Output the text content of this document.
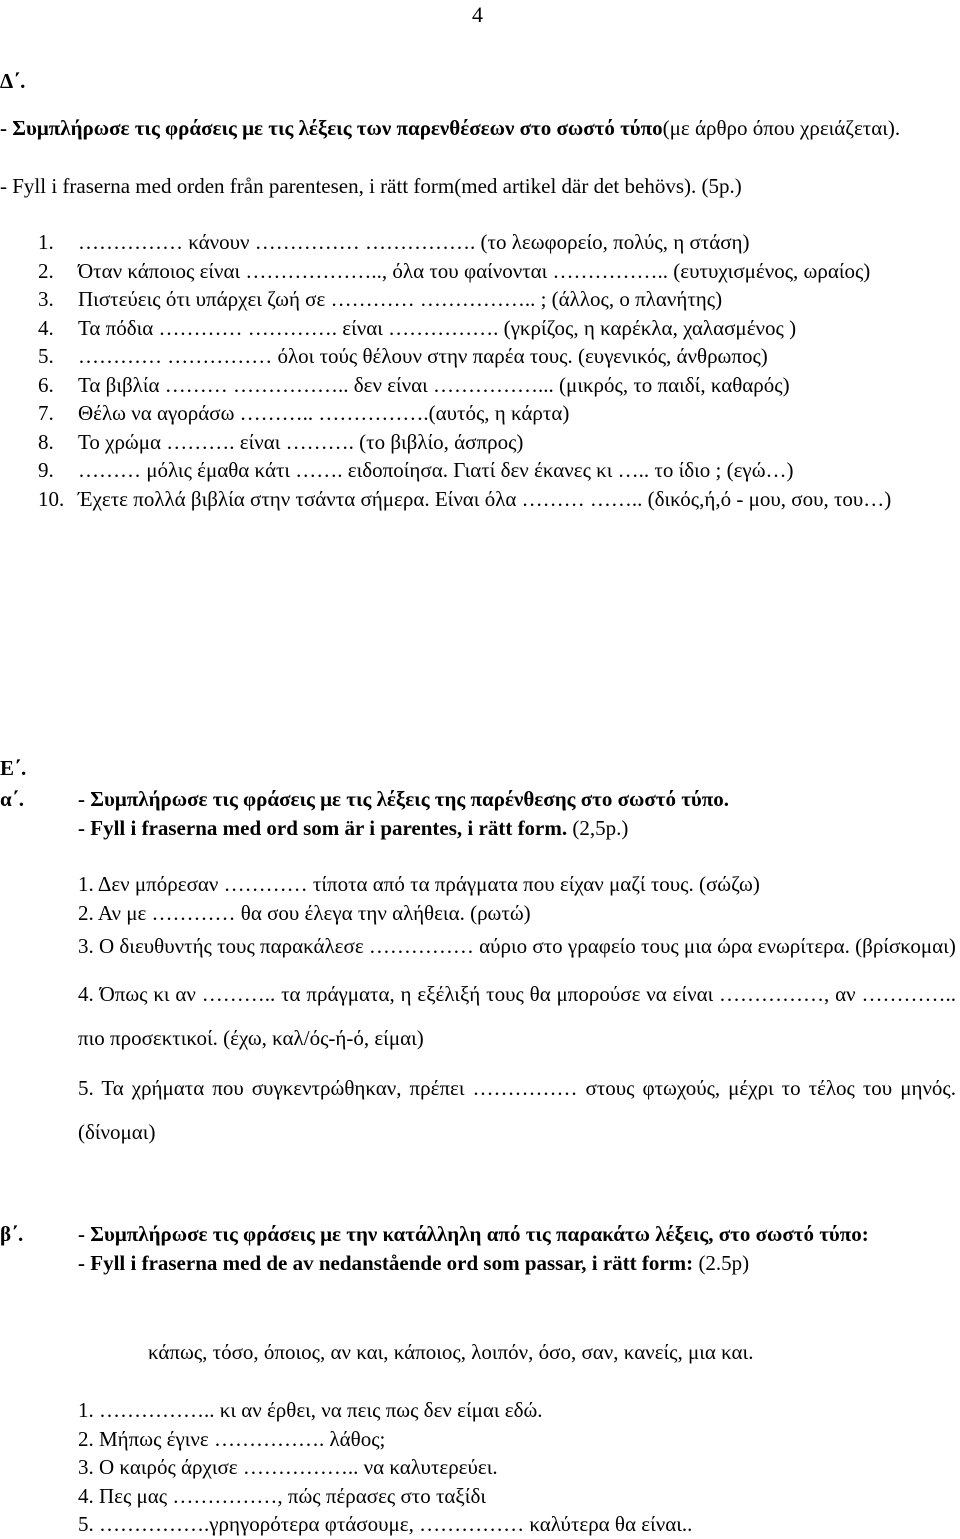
4
Δ΄.
- Συμπλήρωσε τις φράσεις με τις λέξεις των παρενθέσεων στο σωστό τύπο(με άρθρο όπου χρειάζεται).
- Fyll i fraserna med orden från parentesen, i rätt form(med artikel där det behövs). (5p.)
1. …………… κάνουν …………… ……………. (το λεωφορείο, πολύς, η στάση)
2. Όταν κάποιος είναι ……………….., όλα του φαίνονται …………….. (ευτυχισμένος, ωραίος)
3. Πιστεύεις ότι υπάρχει ζωή σε ………… …………….. ; (άλλος, ο πλανήτης)
4. Τα πόδια ………… …………. είναι ……………. (γκρίζος, η καρέκλα, χαλασμένος )
5. ………… …………… όλοι τούς θέλουν στην παρέα τους. (ευγενικός, άνθρωπος)
6. Τα βιβλία ……… …………….. δεν είναι ……………... (μικρός, το παιδί, καθαρός)
7. Θέλω να αγοράσω ……….. …………….(αυτός, η κάρτα)
8. Το χρώμα ………. είναι ………. (το βιβλίο, άσπρος)
9. ……… μόλις έμαθα κάτι ……. ειδοποίησα. Γιατί δεν έκανες κι ….. το ίδιο ; (εγώ…)
10. Έχετε πολλά βιβλία στην τσάντα σήμερα. Είναι όλα ……… …….. (δικός,ή,ό - μου, σου, του…)
Ε΄.
α΄.	- Συμπλήρωσε τις φράσεις με τις λέξεις της παρένθεσης στο σωστό τύπο.
- Fyll i fraserna med ord som är i parentes, i rätt form. (2,5p.)
1. Δεν μπόρεσαν ………… τίποτα από τα πράγματα που είχαν μαζί τους. (σώζω)
2. Αν με ………… θα σου έλεγα την αλήθεια. (ρωτώ)
3. Ο διευθυντής τους παρακάλεσε …………… αύριο στο γραφείο τους μια ώρα ενωρίτερα. (βρίσκομαι)
4. Όπως κι αν ……….. τα πράγματα, η εξέλιξή τους θα μπορούσε να είναι ……………, αν ………….. πιο προσεκτικοί. (έχω, καλ/ός-ή-ό, είμαι)
5. Τα χρήματα που συγκεντρώθηκαν, πρέπει …………… στους φτωχούς, μέχρι το τέλος του μηνός. (δίνομαι)
β΄.	- Συμπλήρωσε τις φράσεις με την κατάλληλη από τις παρακάτω λέξεις, στο σωστό τύπο:
- Fyll i fraserna med de av nedanstående ord som passar, i rätt form: (2.5p)
κάπως, τόσο, όποιος, αν και, κάποιος, λοιπόν, όσο, σαν, κανείς, μια και.
1. …………….. κι αν έρθει, να πεις πως δεν είμαι εδώ.
2. Μήπως έγινε ……………. λάθος;
3. Ο καιρός άρχισε …………….. να καλυτερεύει.
4. Πες μας ……………, πώς πέρασες στο ταξίδι
5. …………….γρηγορότερα φτάσουμε, …………… καλύτερα θα είναι..
